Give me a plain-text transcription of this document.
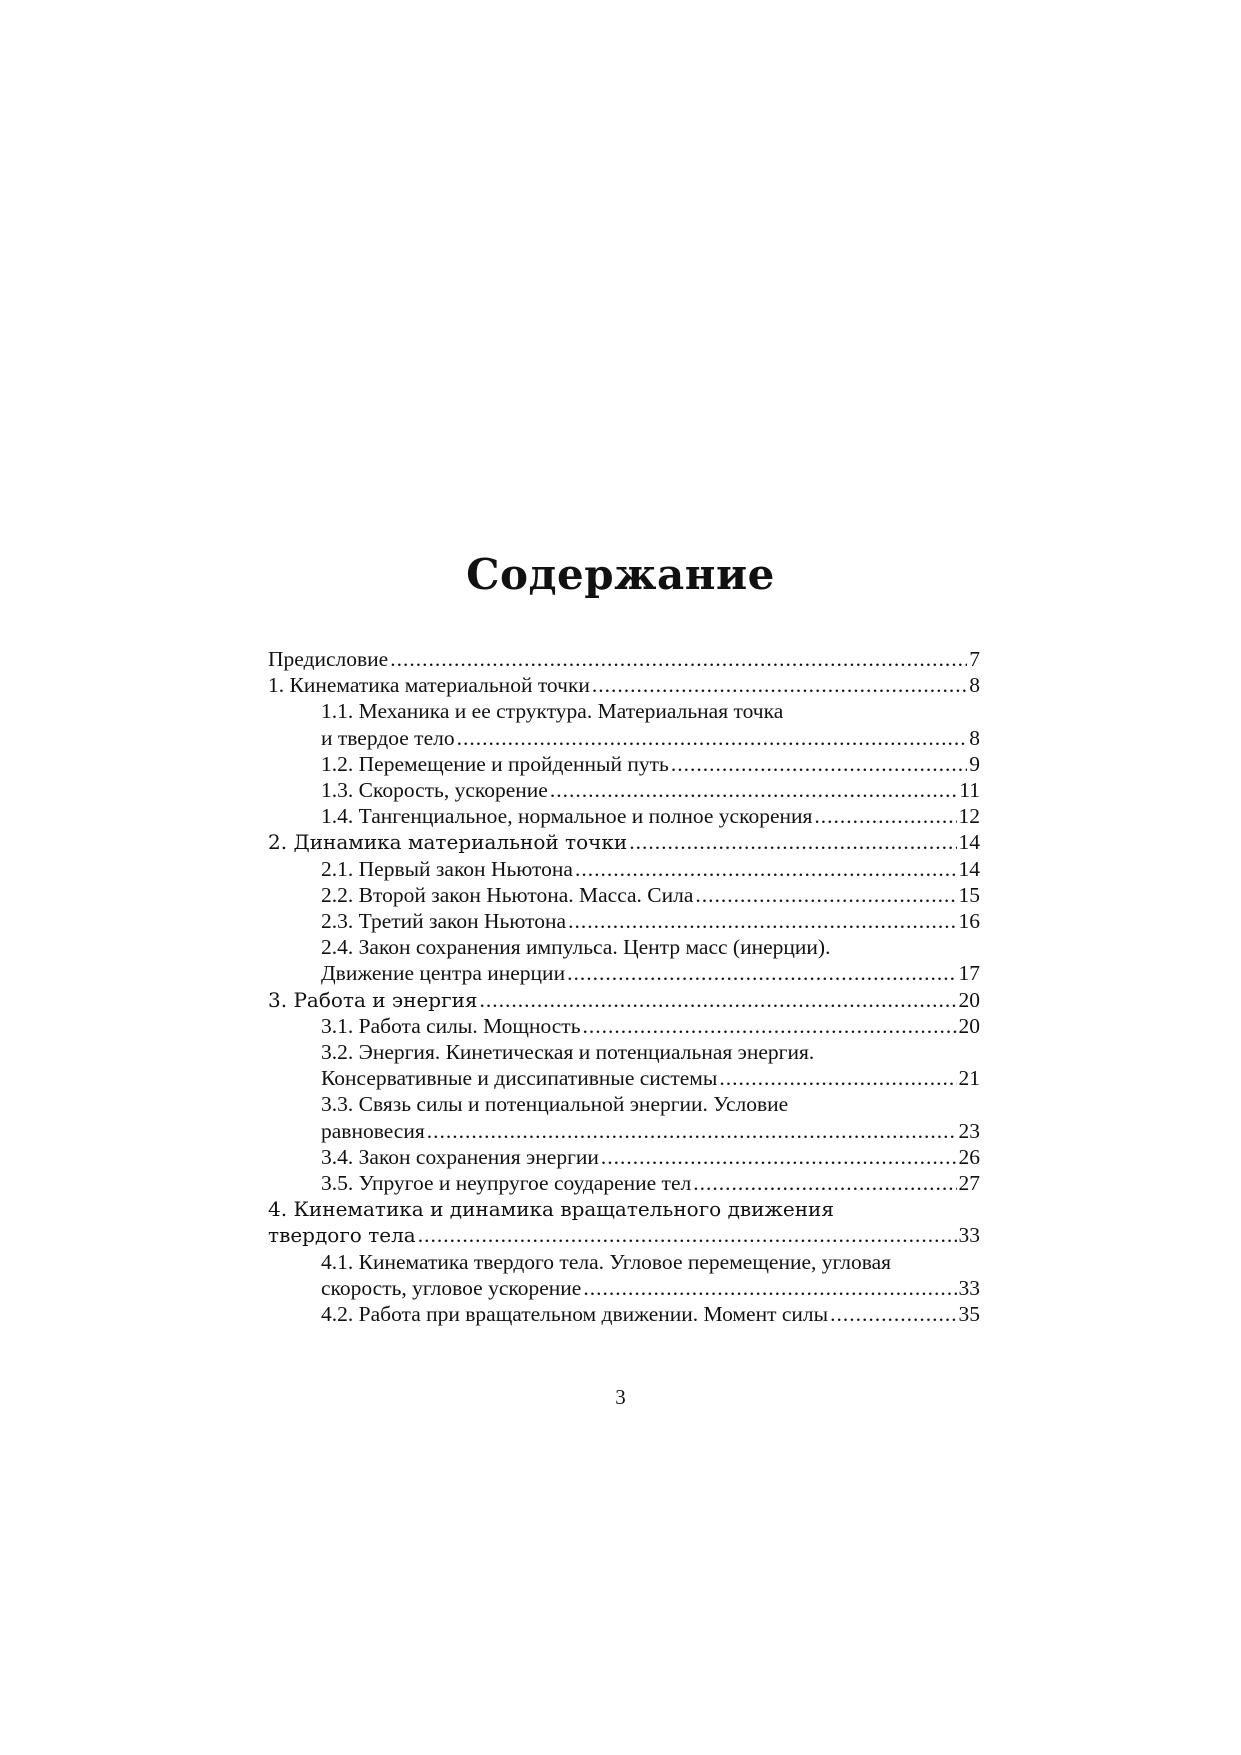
Содержание
Предисловие .....	7
1. Кинематика материальной точки .....	8
1.1. Механика и ее структура. Материальная точка
и твердое тело .....	8
1.2. Перемещение и пройденный путь .....	9
1.3. Скорость, ускорение .....	11
1.4. Тангенциальное, нормальное и полное ускорения .....	12
2. Динамика материальной точки .....	14
2.1. Первый закон Ньютона .....	14
2.2. Второй закон Ньютона. Масса. Сила .....	15
2.3. Третий закон Ньютона .....	16
2.4. Закон сохранения импульса. Центр масс (инерции).
Движение центра инерции .....	17
3. Работа и энергия .....	20
3.1. Работа силы. Мощность .....	20
3.2. Энергия. Кинетическая и потенциальная энергия.
Консервативные и диссипативные системы .....	21
3.3. Связь силы и потенциальной энергии. Условие
равновесия .....	23
3.4. Закон сохранения энергии .....	26
3.5. Упругое и неупругое соударение тел .....	27
4. Кинематика и динамика вращательного движения
твердого тела .....	33
4.1. Кинематика твердого тела. Угловое перемещение, угловая
скорость, угловое ускорение .....	33
4.2. Работа при вращательном движении. Момент силы .....	35
3
